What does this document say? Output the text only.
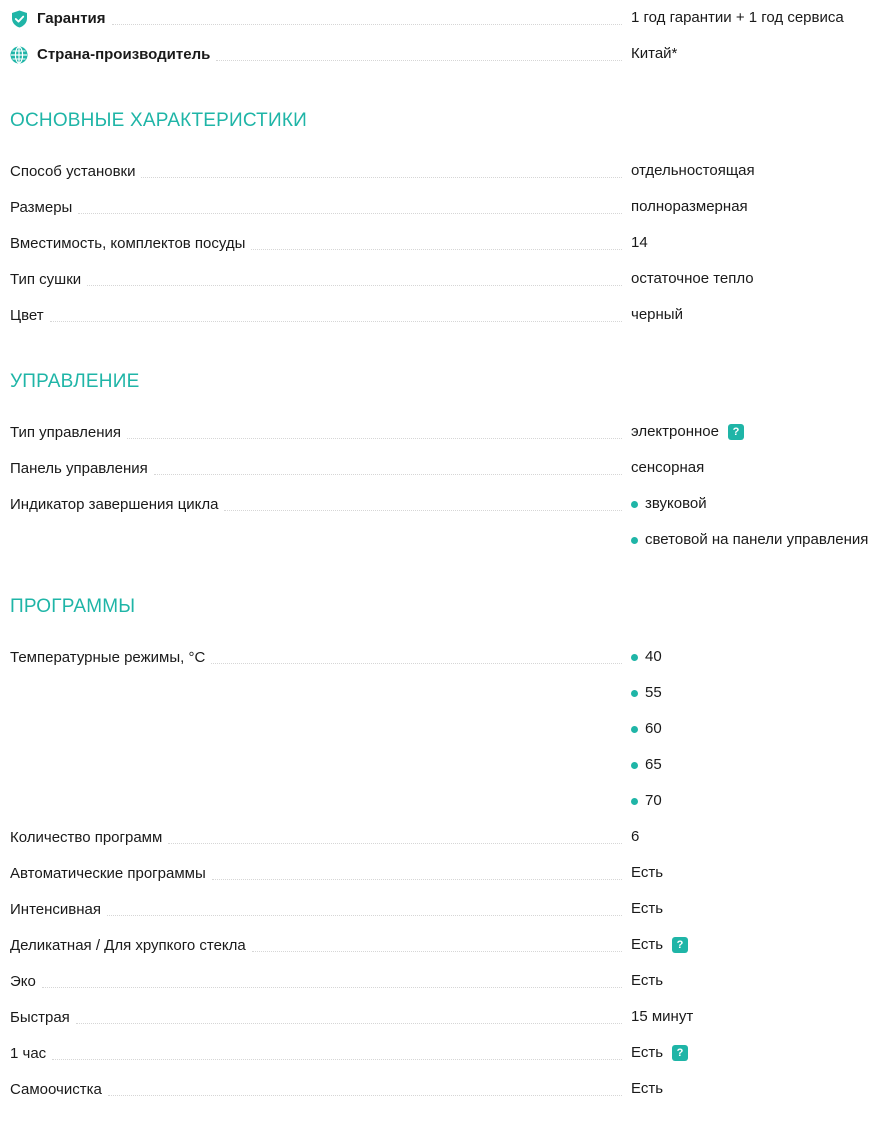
Гарантия	1 год гарантии + 1 год сервиса
Страна-производитель	Китай*
ОСНОВНЫЕ ХАРАКТЕРИСТИКИ
Способ установки	отдельностоящая
Размеры	полноразмерная
Вместимость, комплектов посуды	14
Тип сушки	остаточное тепло
Цвет	черный
УПРАВЛЕНИЕ
Тип управления	электронное	?
Панель управления	сенсорная
Индикатор завершения цикла	звуковой
световой на панели управления
ПРОГРАММЫ
Температурные режимы, °C	40
55
60
65
70
Количество программ	6
Автоматические программы	Есть
Интенсивная	Есть
Деликатная / Для хрупкого стекла	Есть	?
Эко	Есть
Быстрая	15 минут
1 час	Есть	?
Самоочистка	Есть
